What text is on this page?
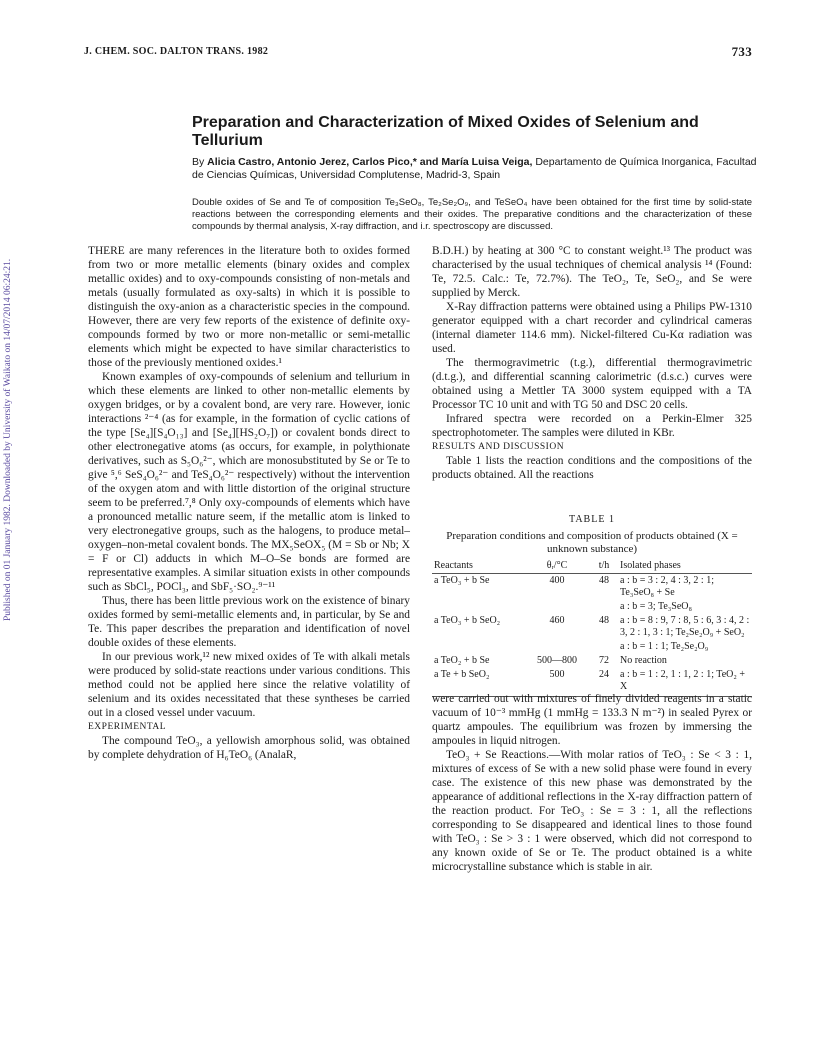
J. CHEM. SOC. DALTON TRANS. 1982	733
Published on 01 January 1982. Downloaded by University of Waikato on 14/07/2014 06:24:21.
Preparation and Characterization of Mixed Oxides of Selenium and Tellurium
By Alicia Castro, Antonio Jerez, Carlos Pico,* and María Luisa Veiga, Departamento de Química Inorganica, Facultad de Ciencias Químicas, Universidad Complutense, Madrid-3, Spain
Double oxides of Se and Te of composition Te₃SeO₈, Te₂Se₂O₉, and TeSeO₄ have been obtained for the first time by solid-state reactions between the corresponding elements and their oxides. The preparative conditions and the characterization of these compounds by thermal analysis, X-ray diffraction, and i.r. spectroscopy are discussed.

THERE are many references in the literature both to oxides formed from two or more metallic elements (binary oxides and complex metallic oxides) and to oxy-compounds consisting of non-metals and metals (usually formulated as oxy-salts) in which it is possible to distinguish the oxy-anion as a characteristic species in the compound. However, there are very few reports of the existence of definite oxy-compounds formed by two or more non-metallic or semi-metallic elements which might be expected to have similar characteristics to those of the previously mentioned oxides.¹

Known examples of oxy-compounds of selenium and tellurium in which these elements are linked to other non-metallic elements by oxygen bridges, or by a covalent bond, are very rare. However, ionic interactions ²⁻⁴ (as for example, in the formation of cyclic cations of the type [Se₄][S₄O₁₃] and [Se₄][HS₂O₇]) or covalent bonds direct to other electronegative atoms (as occurs, for example, in polythionate derivatives, such as S₅O₆²⁻, which are monosubstituted by Se or Te to give ⁵,⁶ SeS₄O₆²⁻ and TeS₄O₆²⁻ respectively) without the intervention of the oxygen atom and with little distortion of the original structure seem to be preferred.⁷,⁸ Only oxy-compounds of elements which have a pronounced metallic nature seem, if the metallic atom is linked to very electronegative groups, such as the halogens, to produce metal–oxygen–non-metal covalent bonds. The MX₅SeOX₅ (M = Sb or Nb; X = F or Cl) adducts in which M–O–Se bonds are formed are representative examples. A similar situation exists in other compounds such as SbCl₅, POCl₃, and SbF₅·SO₂.⁹⁻¹¹

Thus, there has been little previous work on the existence of binary oxides formed by semi-metallic elements and, in particular, by Se and Te. This paper describes the preparation and identification of novel double oxides of these elements.

In our previous work,¹² new mixed oxides of Te with alkali metals were produced by solid-state reactions under various conditions. This method could not be applied here since the relative volatility of selenium and its oxides necessitated that these syntheses be carried out in a closed vessel under vacuum.

EXPERIMENTAL

The compound TeO₃, a yellowish amorphous solid, was obtained by complete dehydration of H₆TeO₆ (AnalaR,

B.D.H.) by heating at 300 °C to constant weight.¹³ The product was characterised by the usual techniques of chemical analysis ¹⁴ (Found: Te, 72.5. Calc.: Te, 72.7%). The TeO₂, Te, SeO₂, and Se were supplied by Merck.

X-Ray diffraction patterns were obtained using a Philips PW-1310 generator equipped with a chart recorder and cylindrical cameras (internal diameter 114.6 mm). Nickel-filtered Cu-Kα radiation was used.

The thermogravimetric (t.g.), differential thermogravimetric (d.t.g.), and differential scanning calorimetric (d.s.c.) curves were obtained using a Mettler TA 3000 system equipped with a TA Processor TC 10 unit and with TG 50 and DSC 20 cells.

Infrared spectra were recorded on a Perkin-Elmer 325 spectrophotometer. The samples were diluted in KBr.

RESULTS AND DISCUSSION

Table 1 lists the reaction conditions and the compositions of the products obtained. All the reactions

TABLE 1
Preparation conditions and composition of products obtained (X = unknown substance)
Reactants	θᵣ/°C	t/h	Isolated phases
a TeO₃ + b Se	400	48	a : b = 3 : 2, 4 : 3, 2 : 1; Te₃SeO₈ + Se
			a : b = 3; Te₃SeO₈
a TeO₃ + b SeO₂	460	48	a : b = 8 : 9, 7 : 8, 5 : 6, 3 : 4, 2 : 3, 2 : 1, 3 : 1; Te₂Se₂O₉ + SeO₂
			a : b = 1 : 1; Te₂Se₂O₉
a TeO₂ + b Se	500—800	72	No reaction
a Te + b SeO₂	500	24	a : b = 1 : 2, 1 : 1, 2 : 1; TeO₂ + X

were carried out with mixtures of finely divided reagents in a static vacuum of 10⁻³ mmHg (1 mmHg = 133.3 N m⁻²) in sealed Pyrex or quartz ampoules. The equilibrium was frozen by immersing the ampoules in liquid nitrogen.

TeO₃ + Se Reactions.—With molar ratios of TeO₃ : Se < 3 : 1, mixtures of excess of Se with a new solid phase were found in every case. The existence of this new phase was demonstrated by the appearance of additional reflections in the X-ray diffraction pattern of the reaction product. For TeO₃ : Se = 3 : 1, all the reflections corresponding to Se disappeared and identical lines to those found with TeO₃ : Se > 3 : 1 were observed, which did not correspond to any known oxide of Se or Te. The product obtained is a white microcrystalline substance which is stable in air.
